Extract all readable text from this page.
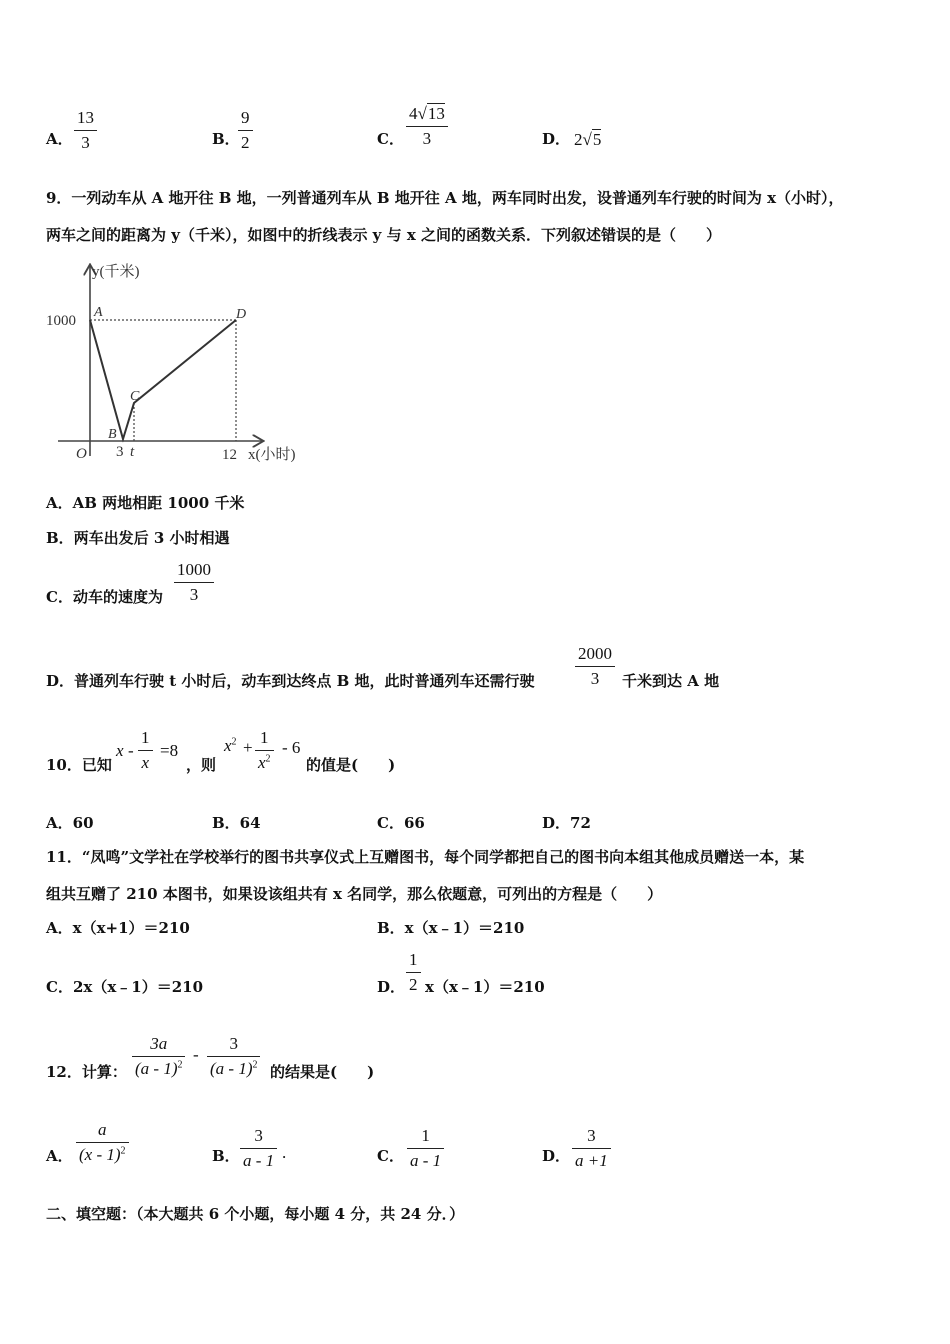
A． $\frac{13}{3}$	B．
$\frac{9}{2}$	C． $\frac{4√13}{3}$	D． 2√5
9．一列动车从 A 地开往 B 地，一列普通列车从 B 地开往 A 地，两车同时出发，设普通列车行驶的时间为 x（小时），
两车之间的距离为 y（千米），如图中的折线表示 y 与 x 之间的函数关系．下列叙述错误的是（　　）
y(千米)
x(小时)
1000
O 3 t	12
A
B
C
D
A．AB 两地相距 1000 千米
B．两车出发后 3 小时相遇
C．动车的速度为 $\frac{1000}{3}$
D．普通列车行驶 t 小时后，动车到达终点 B 地，此时普通列车还需行驶 $\frac{2000}{3}$ 千米到达 A 地
10．已知
$x - \frac{1}{x} =8$
，则
$x^2 + \frac{1}{x^2} - 6$
的值是(　　)
A．60	B．64	C．66	D．72
11．“凤鸣”文学社在学校举行的图书共享仪式上互赠图书，每个同学都把自己的图书向本组其他成员赠送一本，某
组共互赠了 210 本图书，如果设该组共有 x 名同学，那么依题意，可列出的方程是（　　）
A．x（x+1）＝210	B．x（x﹣1）＝210
C．2x（x﹣1）＝210	D． $\frac{1}{2}$ x（x﹣1）＝210
12．计算： $\frac{3a}{(a - 1)^2} - \frac{3}{(a - 1)^2}$ 的结果是(　　)
A． $\frac{a}{(x - 1)^2}$	B． $\frac{3}{a - 1}$ .	C． $\frac{1}{a - 1}$	D． $\frac{3}{a +1}$
二、填空题：（本大题共 6 个小题，每小题 4 分，共 24 分．）
